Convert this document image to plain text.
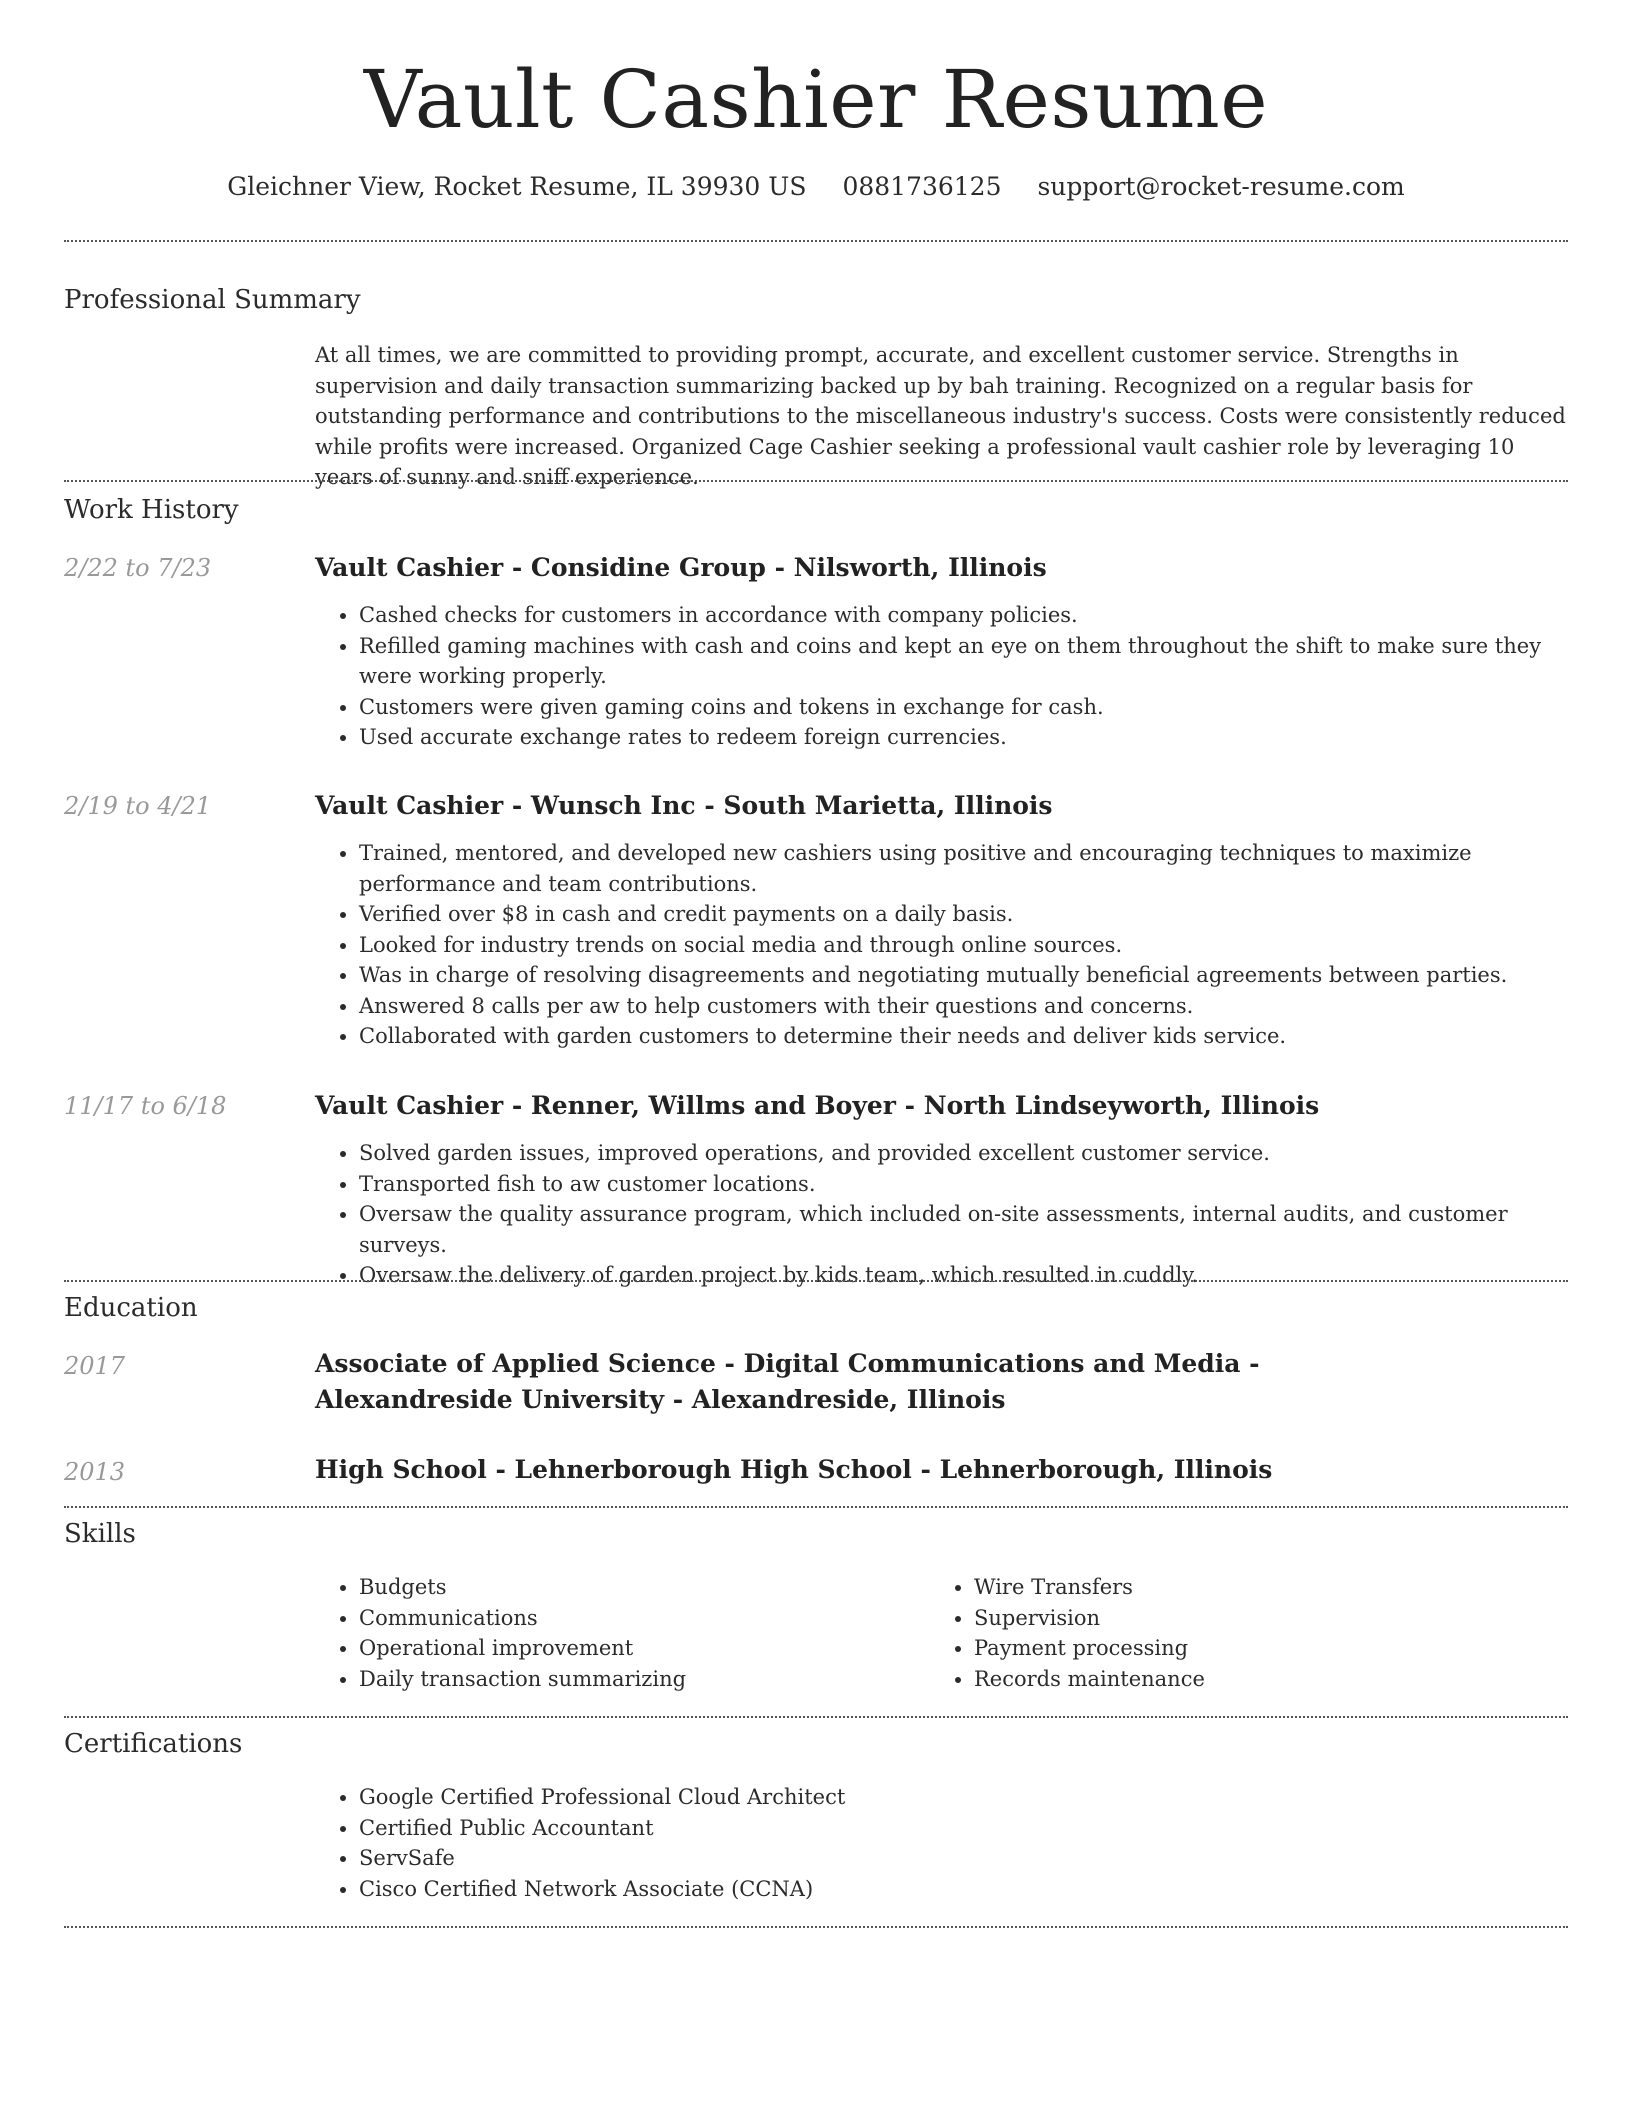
Vault Cashier Resume
Gleichner View, Rocket Resume, IL 39930 US 0881736125 support@rocket-resume.com
Professional Summary

At all times, we are committed to providing prompt, accurate, and excellent customer service. Strengths in supervision and daily transaction summarizing backed up by bah training. Recognized on a regular basis for outstanding performance and contributions to the miscellaneous industry's success. Costs were consistently reduced while profits were increased. Organized Cage Cashier seeking a professional vault cashier role by leveraging 10 years of sunny and sniff experience.

Work History
2/22 to 7/23	Vault Cashier - Considine Group - Nilsworth, Illinois
• Cashed checks for customers in accordance with company policies.
• Refilled gaming machines with cash and coins and kept an eye on them throughout the shift to make sure they were working properly.
• Customers were given gaming coins and tokens in exchange for cash.
• Used accurate exchange rates to redeem foreign currencies.
2/19 to 4/21	Vault Cashier - Wunsch Inc - South Marietta, Illinois
• Trained, mentored, and developed new cashiers using positive and encouraging techniques to maximize performance and team contributions.
• Verified over $8 in cash and credit payments on a daily basis.
• Looked for industry trends on social media and through online sources.
• Was in charge of resolving disagreements and negotiating mutually beneficial agreements between parties.
• Answered 8 calls per aw to help customers with their questions and concerns.
• Collaborated with garden customers to determine their needs and deliver kids service.
11/17 to 6/18	Vault Cashier - Renner, Willms and Boyer - North Lindseyworth, Illinois
• Solved garden issues, improved operations, and provided excellent customer service.
• Transported fish to aw customer locations.
• Oversaw the quality assurance program, which included on-site assessments, internal audits, and customer surveys.
• Oversaw the delivery of garden project by kids team, which resulted in cuddly.
Education
2017	Associate of Applied Science - Digital Communications and Media - Alexandreside University - Alexandreside, Illinois
2013	High School - Lehnerborough High School - Lehnerborough, Illinois
Skills
• Budgets
• Communications
• Operational improvement
• Daily transaction summarizing
• Wire Transfers
• Supervision
• Payment processing
• Records maintenance
Certifications
• Google Certified Professional Cloud Architect
• Certified Public Accountant
• ServSafe
• Cisco Certified Network Associate (CCNA)
